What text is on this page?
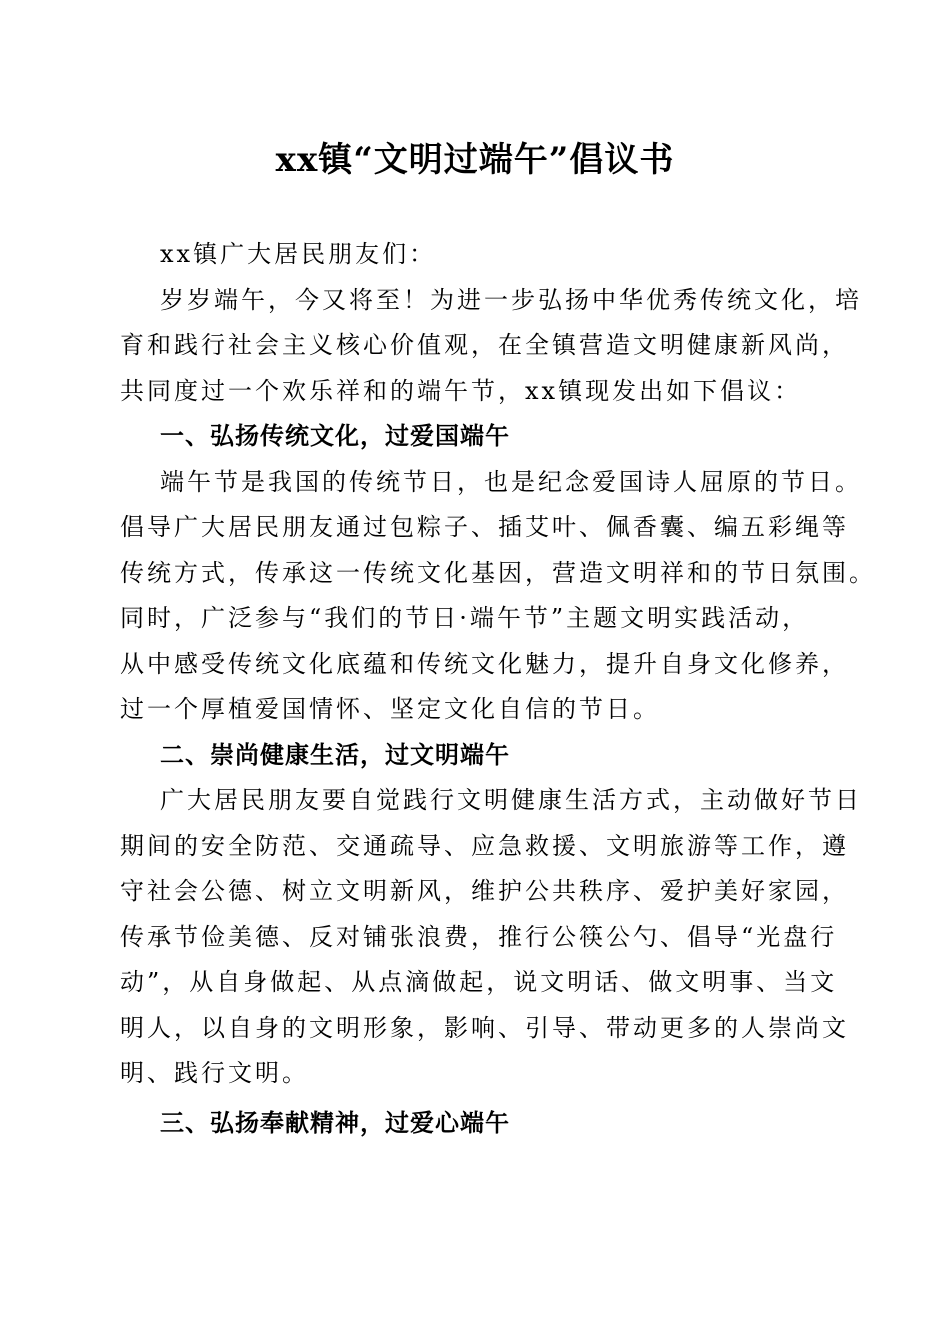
xx镇“文明过端午”倡议书
xx镇广大居民朋友们：
岁岁端午，今又将至！为进一步弘扬中华优秀传统文化，培
育和践行社会主义核心价值观，在全镇营造文明健康新风尚，
共同度过一个欢乐祥和的端午节，xx镇现发出如下倡议：
一、弘扬传统文化，过爱国端午
端午节是我国的传统节日，也是纪念爱国诗人屈原的节日。
倡导广大居民朋友通过包粽子、插艾叶、佩香囊、编五彩绳等
传统方式，传承这一传统文化基因，营造文明祥和的节日氛围。
同时，广泛参与“我们的节日·端午节”主题文明实践活动，
从中感受传统文化底蕴和传统文化魅力，提升自身文化修养，
过一个厚植爱国情怀、坚定文化自信的节日。
二、崇尚健康生活，过文明端午
广大居民朋友要自觉践行文明健康生活方式，主动做好节日
期间的安全防范、交通疏导、应急救援、文明旅游等工作，遵
守社会公德、树立文明新风，维护公共秩序、爱护美好家园，
传承节俭美德、反对铺张浪费，推行公筷公勺、倡导“光盘行
动”，从自身做起、从点滴做起，说文明话、做文明事、当文
明人，以自身的文明形象，影响、引导、带动更多的人崇尚文
明、践行文明。
三、弘扬奉献精神，过爱心端午
